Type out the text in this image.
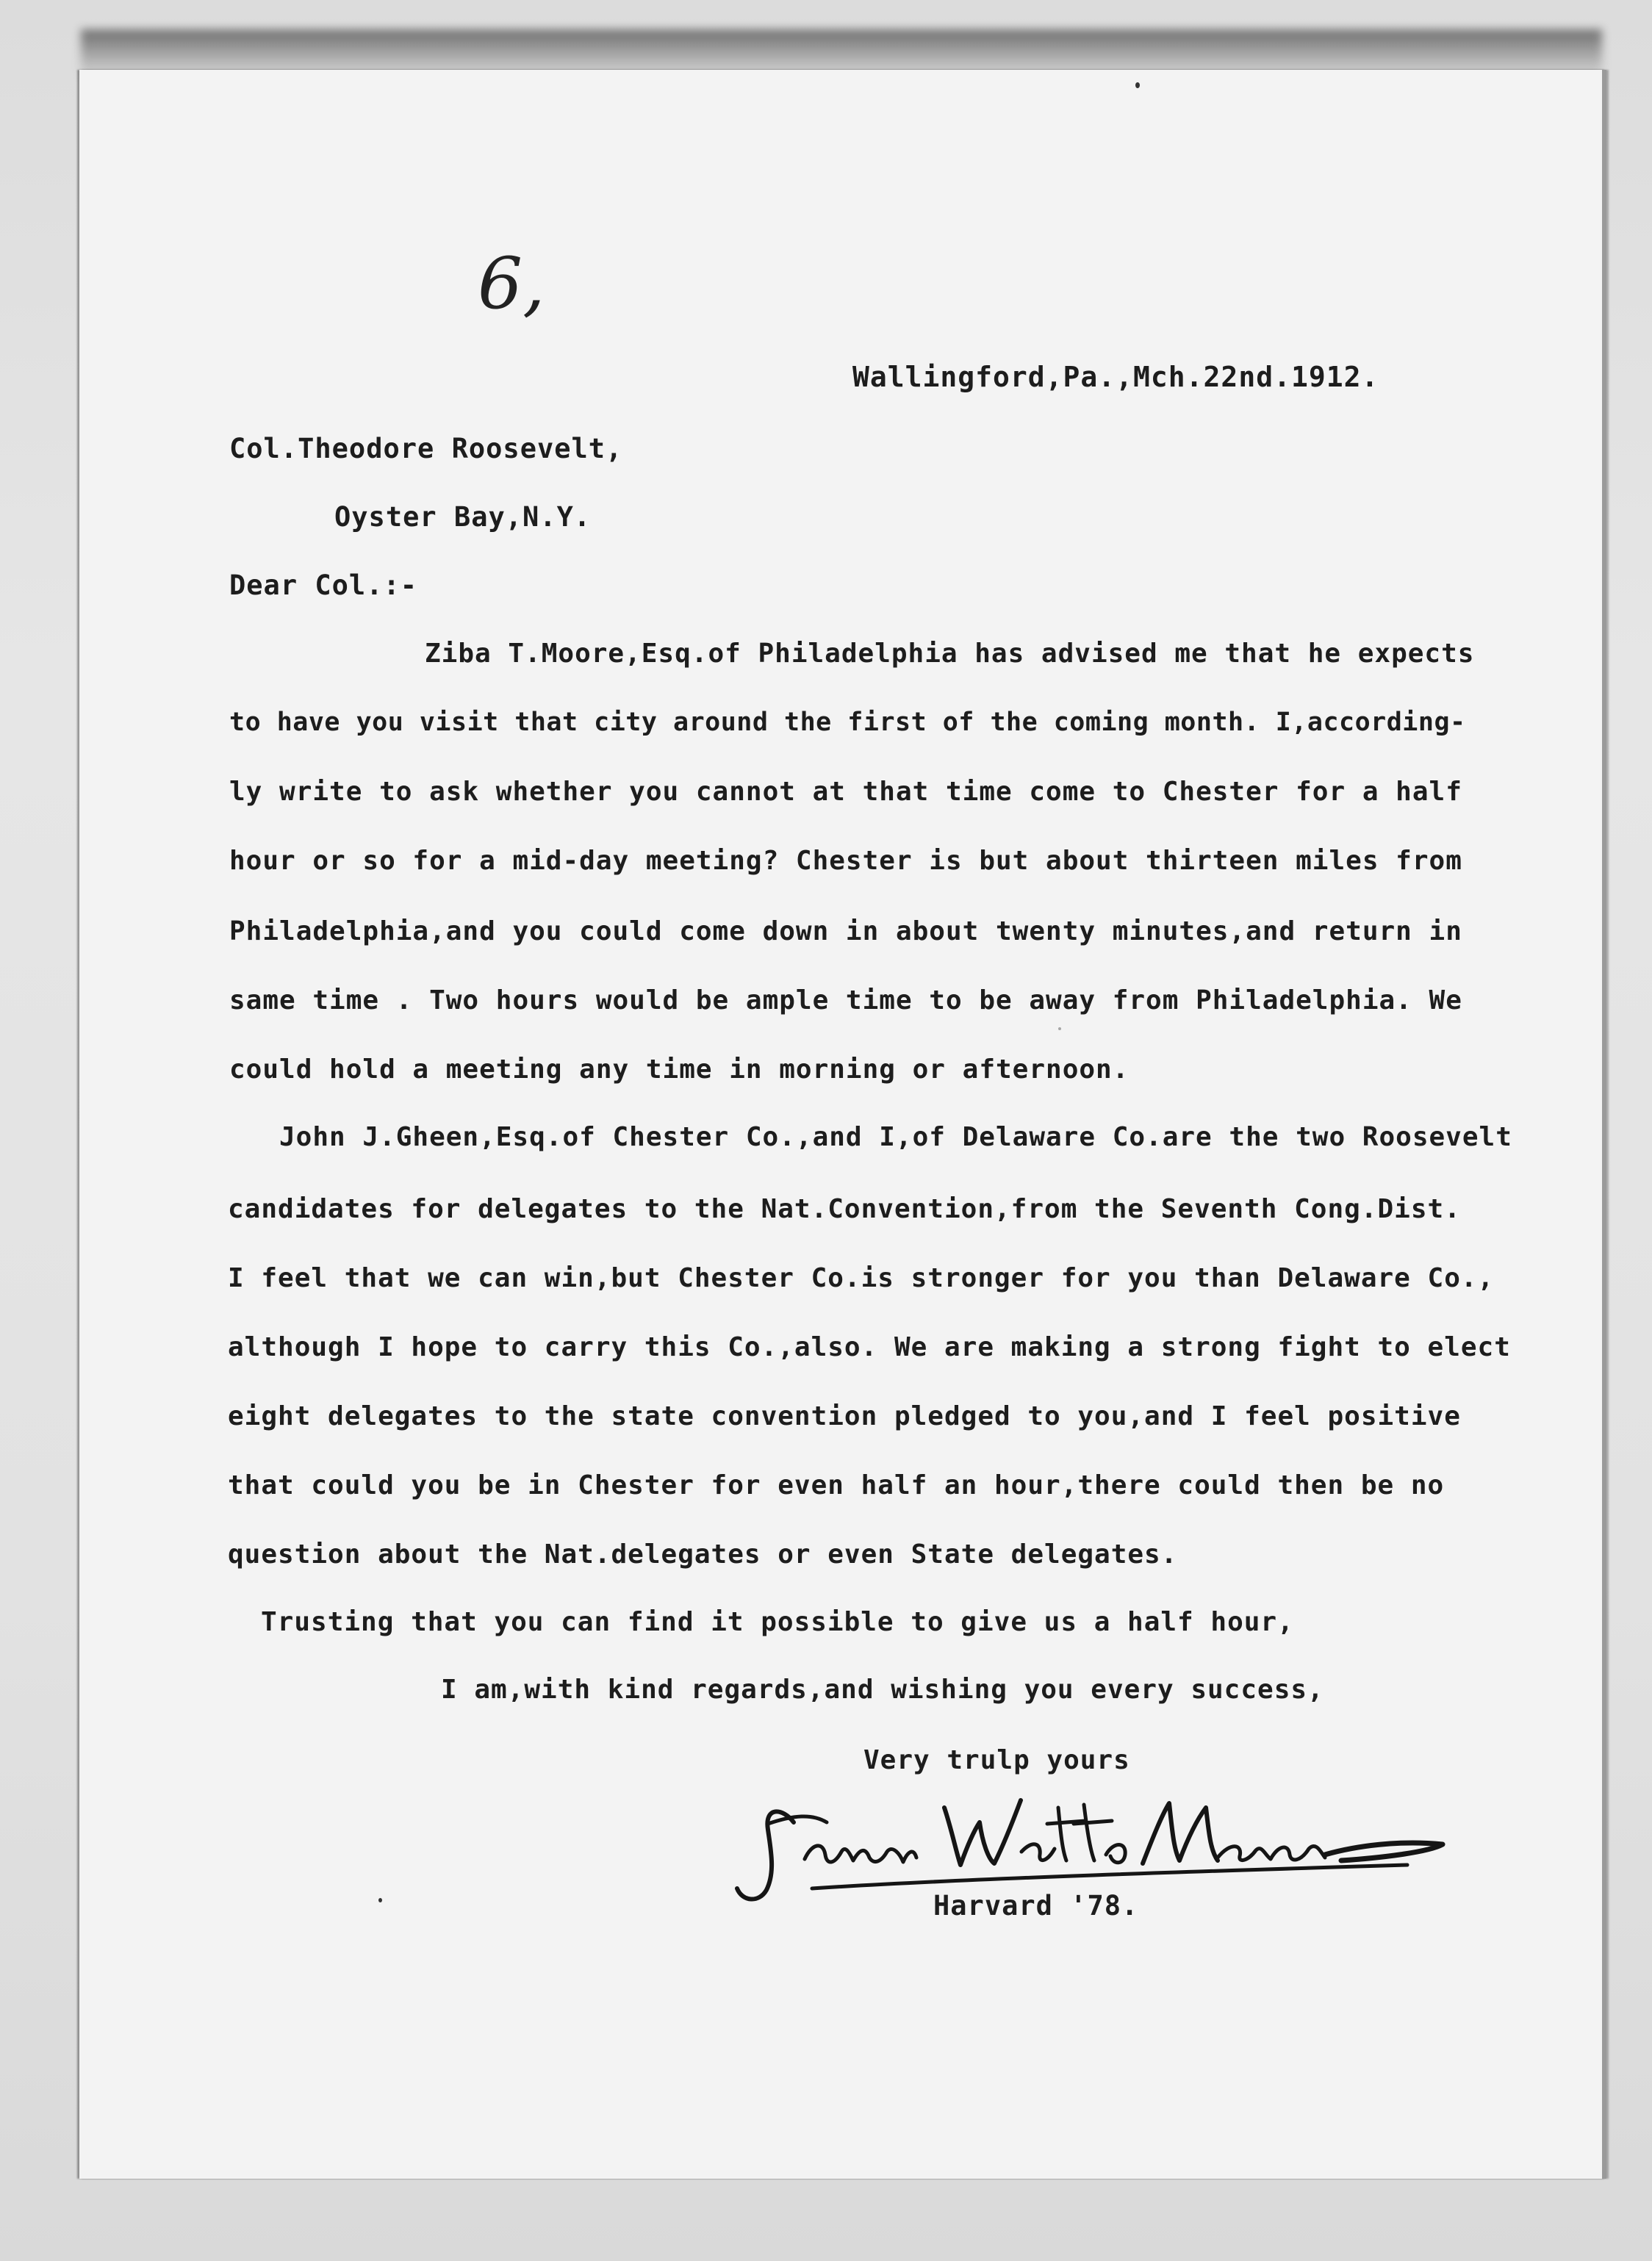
6,
Wallingford,Pa.,Mch.22nd.1912.
Col.Theodore Roosevelt,
Oyster Bay,N.Y.
Dear Col.:-
Ziba T.Moore,Esq.of Philadelphia has advised me that he expects
to have you visit that city around the first of the coming month. I,according-
ly write to ask whether you cannot at that time come to Chester for a half
hour or so for a mid-day meeting? Chester is but about thirteen miles from
Philadelphia,and you could come down in about twenty minutes,and return in
same time . Two hours would be ample time to be away from Philadelphia. We
could hold a meeting any time in morning or afternoon.
John J.Gheen,Esq.of Chester Co.,and I,of Delaware Co.are the two Roosevelt
candidates for delegates to the Nat.Convention,from the Seventh Cong.Dist.
I feel that we can win,but Chester Co.is stronger for you than Delaware Co.,
although I hope to carry this Co.,also. We are making a strong fight to elect
eight delegates to the state convention pledged to you,and I feel positive
that could you be in Chester for even half an hour,there could then be no
question about the Nat.delegates or even State delegates.
Trusting that you can find it possible to give us a half hour,
I am,with kind regards,and wishing you every success,
Very trulp yours
Harvard '78.
